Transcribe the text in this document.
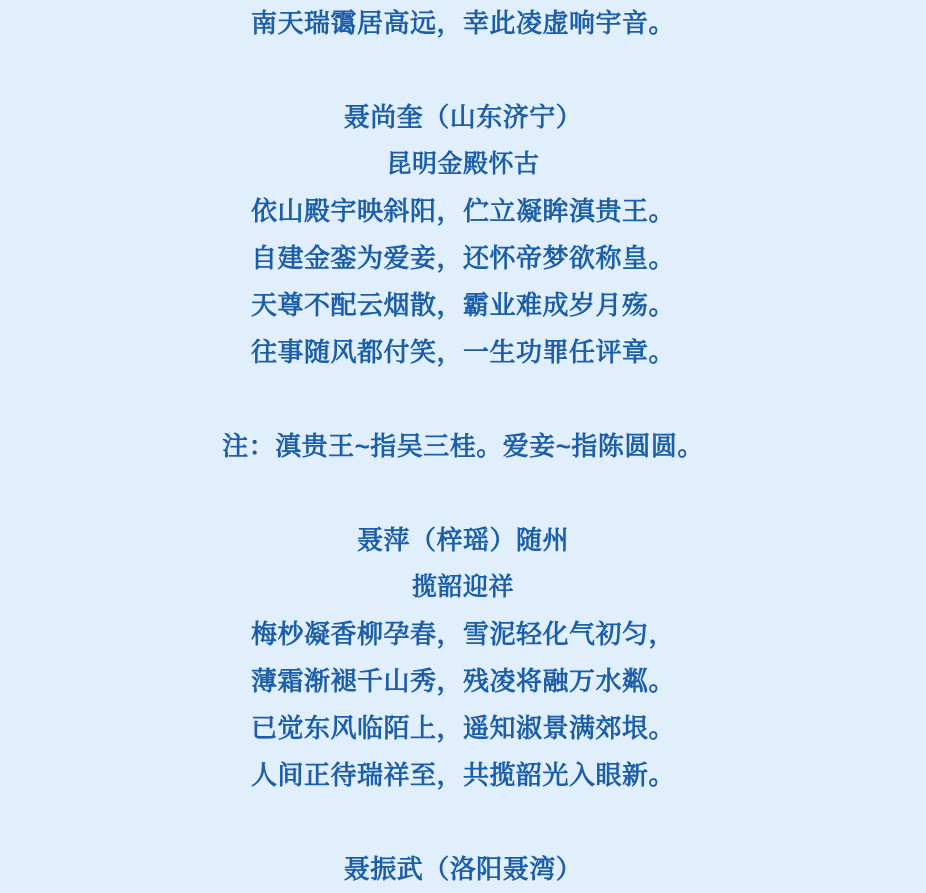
南天瑞霭居高远，幸此凌虚响宇音。
聂尚奎（山东济宁）
昆明金殿怀古
依山殿宇映斜阳，伫立凝眸滇贵王。
自建金銮为爱妾，还怀帝梦欲称皇。
天尊不配云烟散，霸业难成岁月殇。
往事随风都付笑，一生功罪任评章。
注：滇贵王~指吴三桂。爱妾~指陈圆圆。
聂萍（梓瑶）随州
揽韶迎祥
梅杪凝香柳孕春，雪泥轻化气初匀，
薄霜渐褪千山秀，残凌将融万水粼。
已觉东风临陌上，遥知淑景满郊垠。
人间正待瑞祥至，共揽韶光入眼新。
聂振武（洛阳聂湾）
